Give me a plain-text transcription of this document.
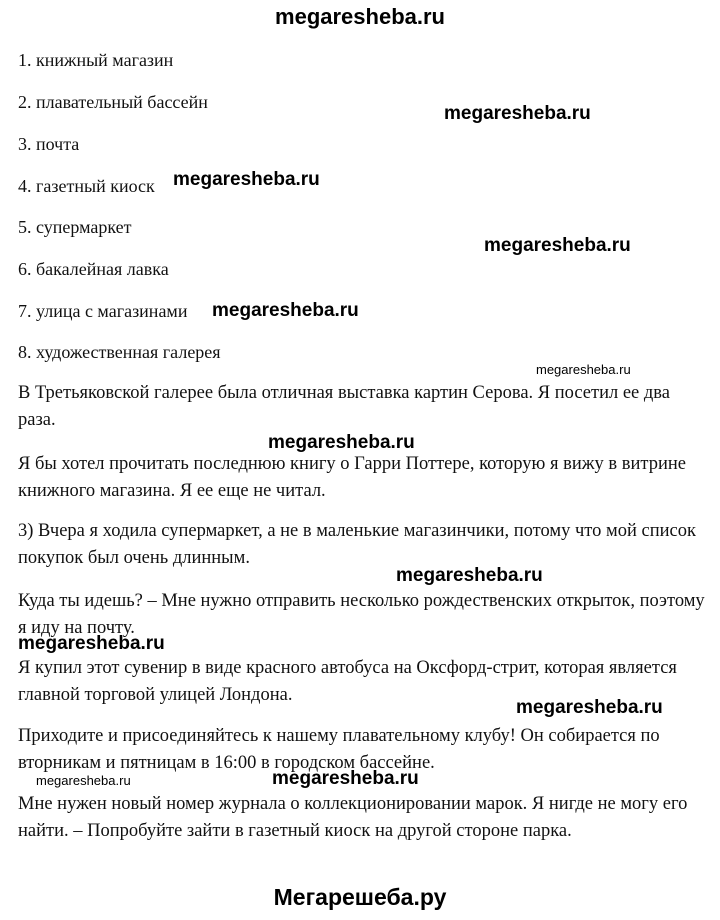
megaresheba.ru
1. книжный магазин
2. плавательный бассейн
3. почта
4. газетный киоск
5. супермаркет
6. бакалейная лавка
7. улица с магазинами
8. художественная галерея
В Третьяковской галерее была отличная выставка картин Серова. Я посетил ее два раза.
Я бы хотел прочитать последнюю книгу о Гарри Поттере, которую я вижу в витрине книжного магазина. Я ее еще не читал.
3) Вчера я ходила супермаркет, а не в маленькие магазинчики, потому что мой список покупок был очень длинным.
Куда ты идешь? – Мне нужно отправить несколько рождественских открыток, поэтому я иду на почту.
Я купил этот сувенир в виде красного автобуса на Оксфорд-стрит, которая является главной торговой улицей Лондона.
Приходите и присоединяйтесь к нашему плавательному клубу! Он собирается по вторникам и пятницам в 16:00 в городском бассейне.
Мне нужен новый номер журнала о коллекционировании марок. Я нигде не могу его найти. – Попробуйте зайти в газетный киоск на другой стороне парка.
megaresheba.ru
megaresheba.ru
megaresheba.ru
megaresheba.ru
megaresheba.ru
megaresheba.ru
megaresheba.ru
megaresheba.ru
megaresheba.ru
megaresheba.ru	megaresheba.ru
Мегарешеба.ру
